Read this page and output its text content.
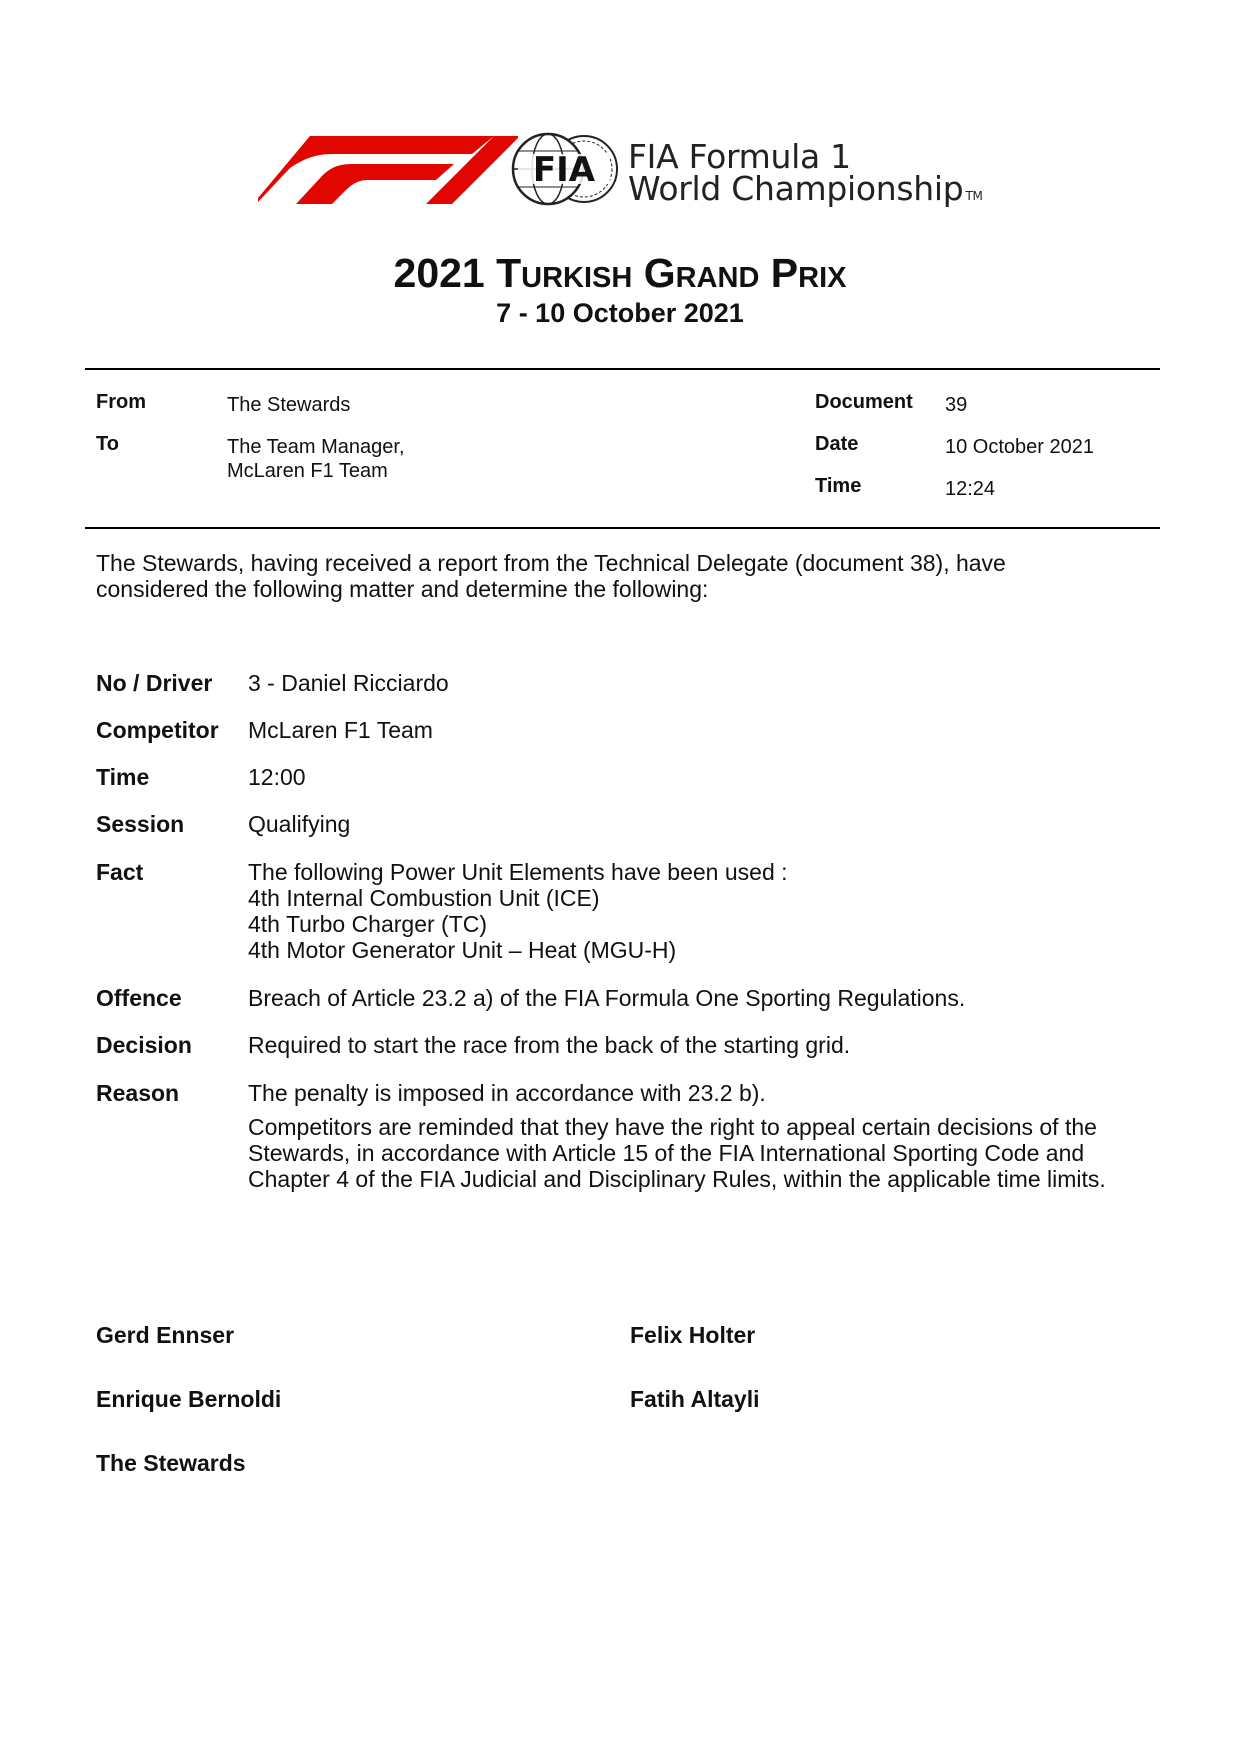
FIA FIA Formula 1
World Championship TM
2021 Turkish Grand Prix
7 - 10 October 2021
From	The Stewards
To	The Team Manager,
McLaren F1 Team
Document 39
Date	10 October 2021
Time	12:24
The Stewards, having received a report from the Technical Delegate (document 38), have
considered the following matter and determine the following:
No / Driver 3 - Daniel Ricciardo
Competitor McLaren F1 Team
Time	12:00
Session	Qualifying
Fact	The following Power Unit Elements have been used :
4th Internal Combustion Unit (ICE)
4th Turbo Charger (TC)
4th Motor Generator Unit – Heat (MGU-H)
Offence	Breach of Article 23.2 a) of the FIA Formula One Sporting Regulations.
Decision Required to start the race from the back of the starting grid.
Reason	The penalty is imposed in accordance with 23.2 b).
Competitors are reminded that they have the right to appeal certain decisions of the
Stewards, in accordance with Article 15 of the FIA International Sporting Code and
Chapter 4 of the FIA Judicial and Disciplinary Rules, within the applicable time limits.
Gerd Ennser	Felix Holter
Enrique Bernoldi	Fatih Altayli
The Stewards
